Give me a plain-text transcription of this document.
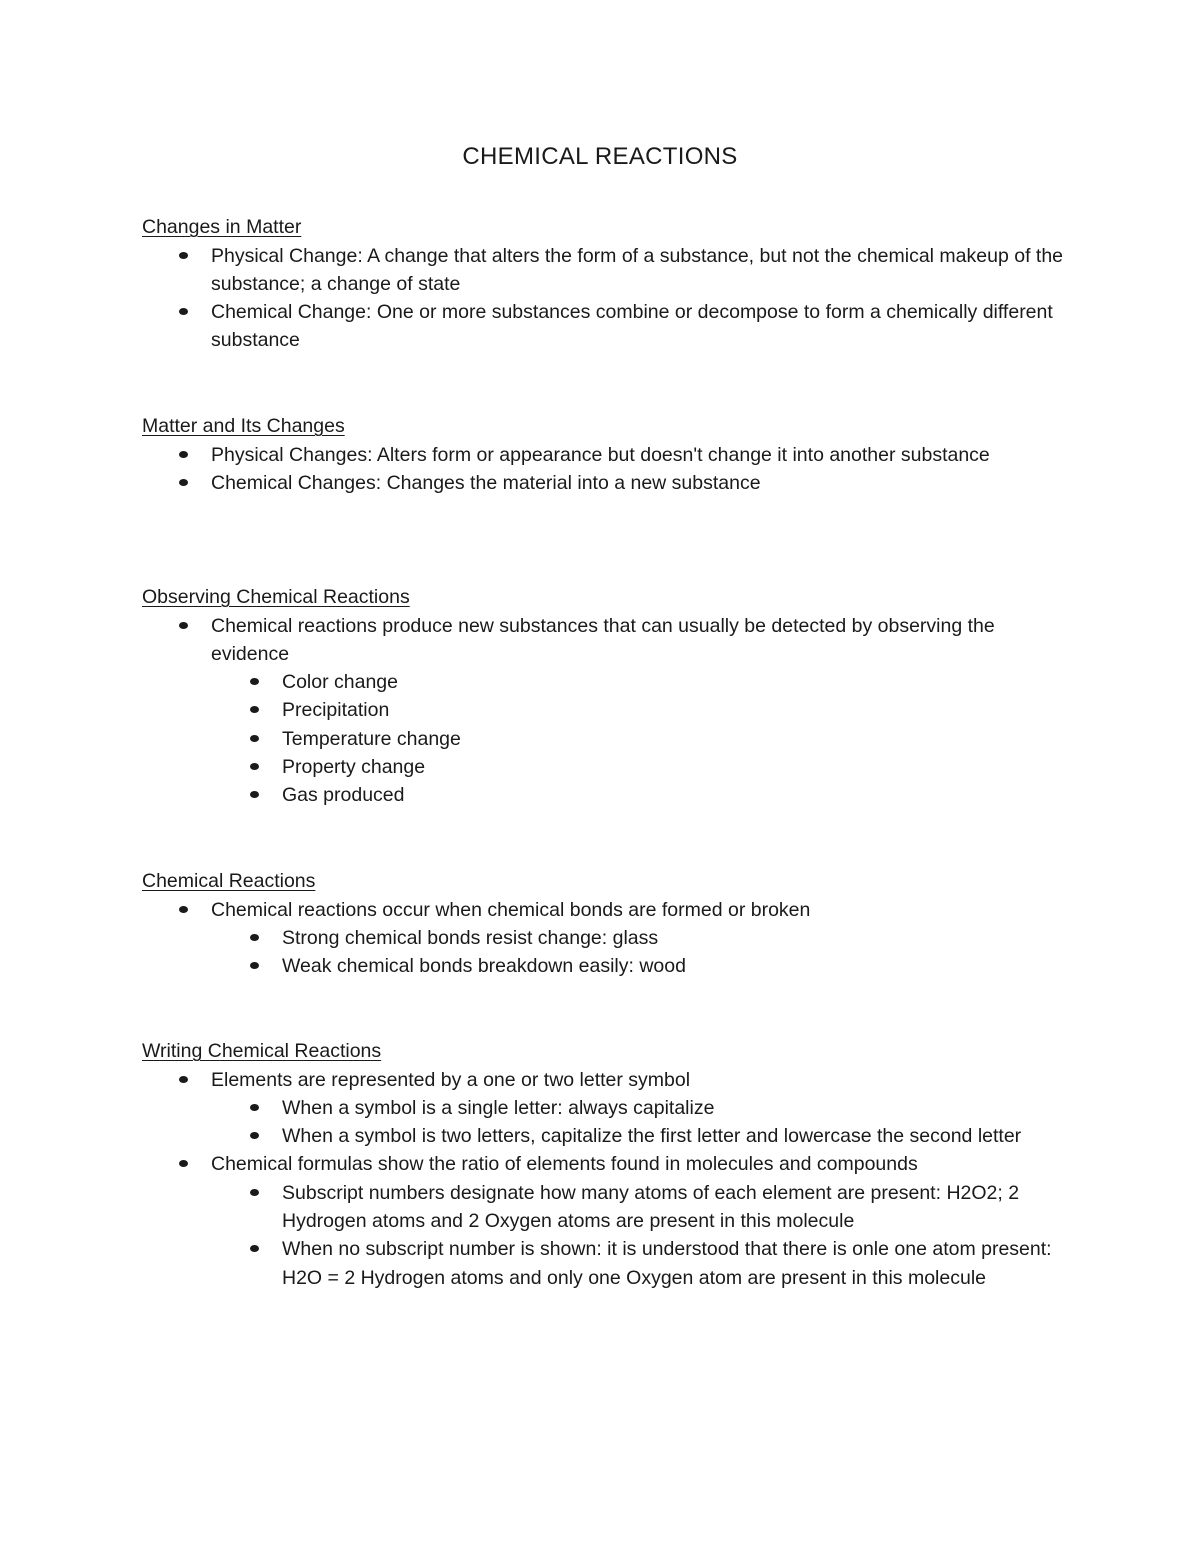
CHEMICAL REACTIONS
Changes in Matter
Physical Change: A change that alters the form of a substance, but not the chemical makeup of the substance; a change of state
Chemical Change: One or more substances combine or decompose to form a chemically different substance
Matter and Its Changes
Physical Changes: Alters form or appearance but doesn't change it into another substance
Chemical Changes: Changes the material into a new substance
Observing Chemical Reactions
Chemical reactions produce new substances that can usually be detected by observing the evidence
Color change
Precipitation
Temperature change
Property change
Gas produced
Chemical Reactions
Chemical reactions occur when chemical bonds are formed or broken
Strong chemical bonds resist change: glass
Weak chemical bonds breakdown easily: wood
Writing Chemical Reactions
Elements are represented by a one or two letter symbol
When a symbol is a single letter: always capitalize
When a symbol is two letters, capitalize the first letter and lowercase the second letter
Chemical formulas show the ratio of elements found in molecules and compounds
Subscript numbers designate how many atoms of each element are present: H2O2; 2 Hydrogen atoms and 2 Oxygen atoms are present in this molecule
When no subscript number is shown: it is understood that there is onle one atom present: H2O = 2 Hydrogen atoms and only one Oxygen atom are present in this molecule
